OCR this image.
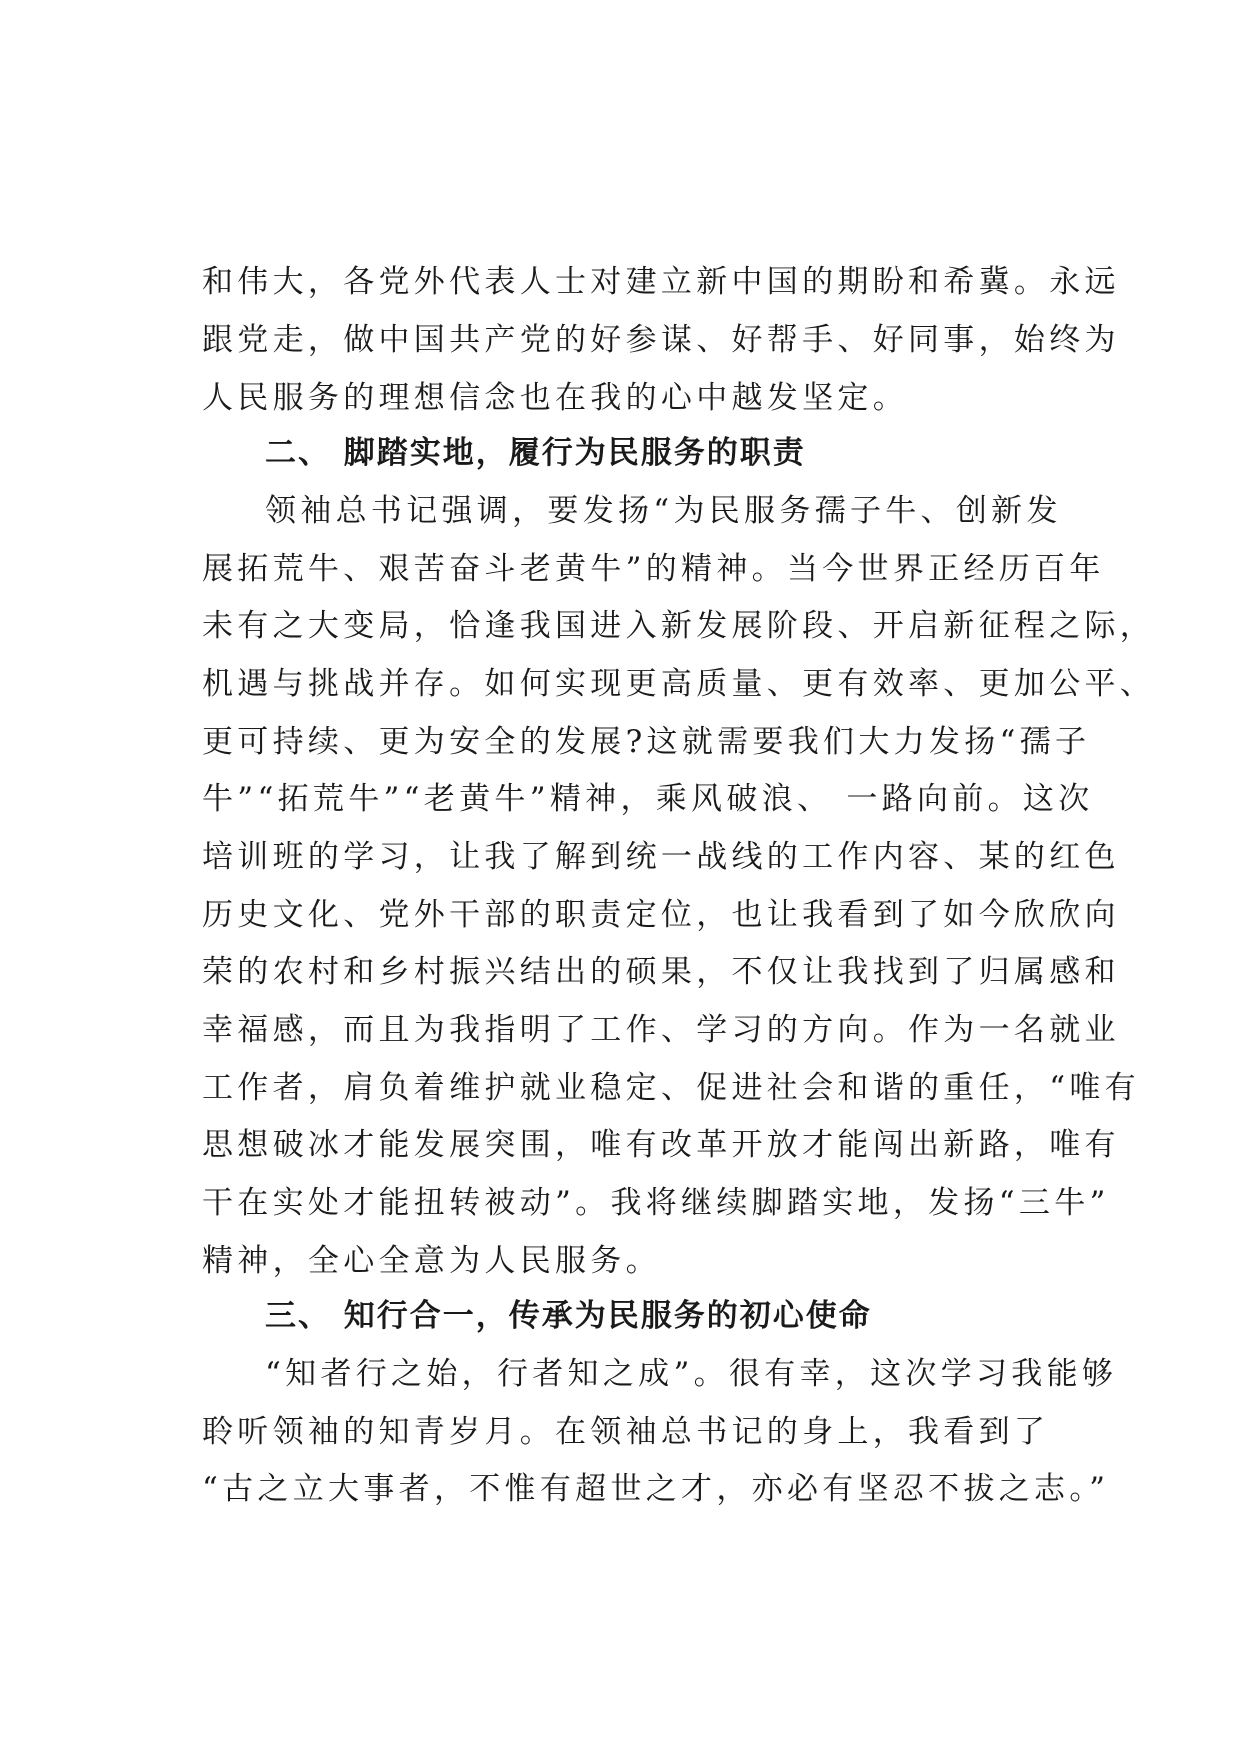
和伟大，各党外代表人士对建立新中国的期盼和希冀。永远
跟党走，做中国共产党的好参谋、好帮手、好同事，始终为
人民服务的理想信念也在我的心中越发坚定。
二、 脚踏实地，履行为民服务的职责
领袖总书记强调，要发扬“为民服务孺子牛、创新发
展拓荒牛、艰苦奋斗老黄牛”的精神。当今世界正经历百年
未有之大变局，恰逢我国进入新发展阶段、开启新征程之际，
机遇与挑战并存。如何实现更高质量、更有效率、更加公平、
更可持续、更为安全的发展?这就需要我们大力发扬“孺子
牛”“拓荒牛”“老黄牛”精神，乘风破浪、 一路向前。这次
培训班的学习，让我了解到统一战线的工作内容、某的红色
历史文化、党外干部的职责定位，也让我看到了如今欣欣向
荣的农村和乡村振兴结出的硕果，不仅让我找到了归属感和
幸福感，而且为我指明了工作、学习的方向。作为一名就业
工作者，肩负着维护就业稳定、促进社会和谐的重任，“唯有
思想破冰才能发展突围，唯有改革开放才能闯出新路，唯有
干在实处才能扭转被动”。我将继续脚踏实地，发扬“三牛”
精神，全心全意为人民服务。
三、 知行合一，传承为民服务的初心使命
“知者行之始，行者知之成”。很有幸，这次学习我能够
聆听领袖的知青岁月。在领袖总书记的身上，我看到了
“古之立大事者，不惟有超世之才，亦必有坚忍不拔之志。”
